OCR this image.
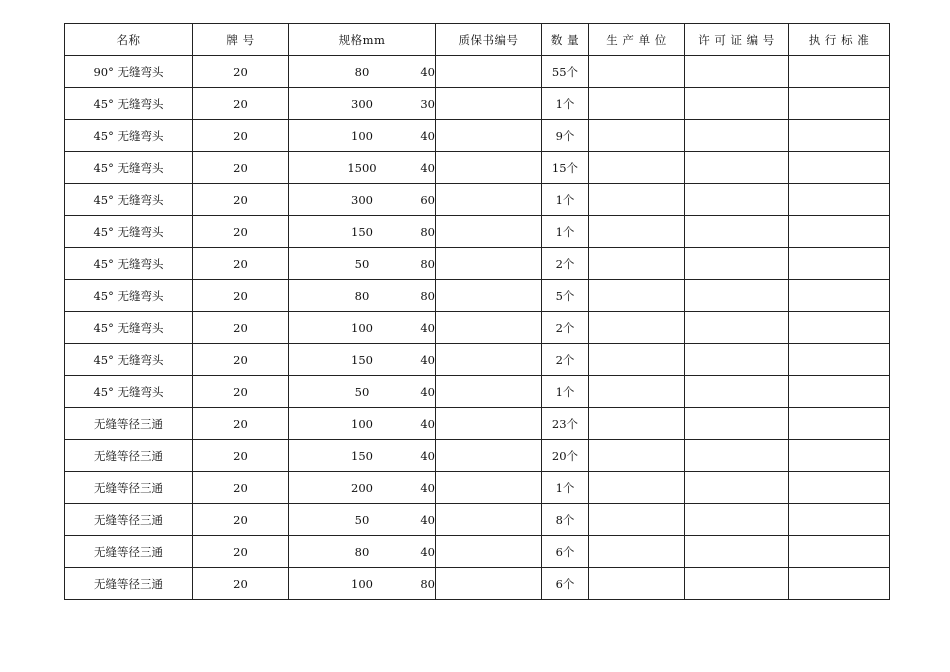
名称	牌 号	规格mm	质保书编号	数 量	生 产 单 位	许 可 证 编 号	执 行 标 准
90° 无缝弯头	20	80 40		55个			
45° 无缝弯头	20	300 30		1个			
45° 无缝弯头	20	100 40		9个			
45° 无缝弯头	20	1500 40		15个			
45° 无缝弯头	20	300 60		1个			
45° 无缝弯头	20	150 80		1个			
45° 无缝弯头	20	50 80		2个			
45° 无缝弯头	20	80 80		5个			
45° 无缝弯头	20	100 40		2个			
45° 无缝弯头	20	150 40		2个			
45° 无缝弯头	20	50 40		1个			
无缝等径三通	20	100 40		23个			
无缝等径三通	20	150 40		20个			
无缝等径三通	20	200 40		1个			
无缝等径三通	20	50 40		8个			
无缝等径三通	20	80 40		6个			
无缝等径三通	20	100 80		6个			
